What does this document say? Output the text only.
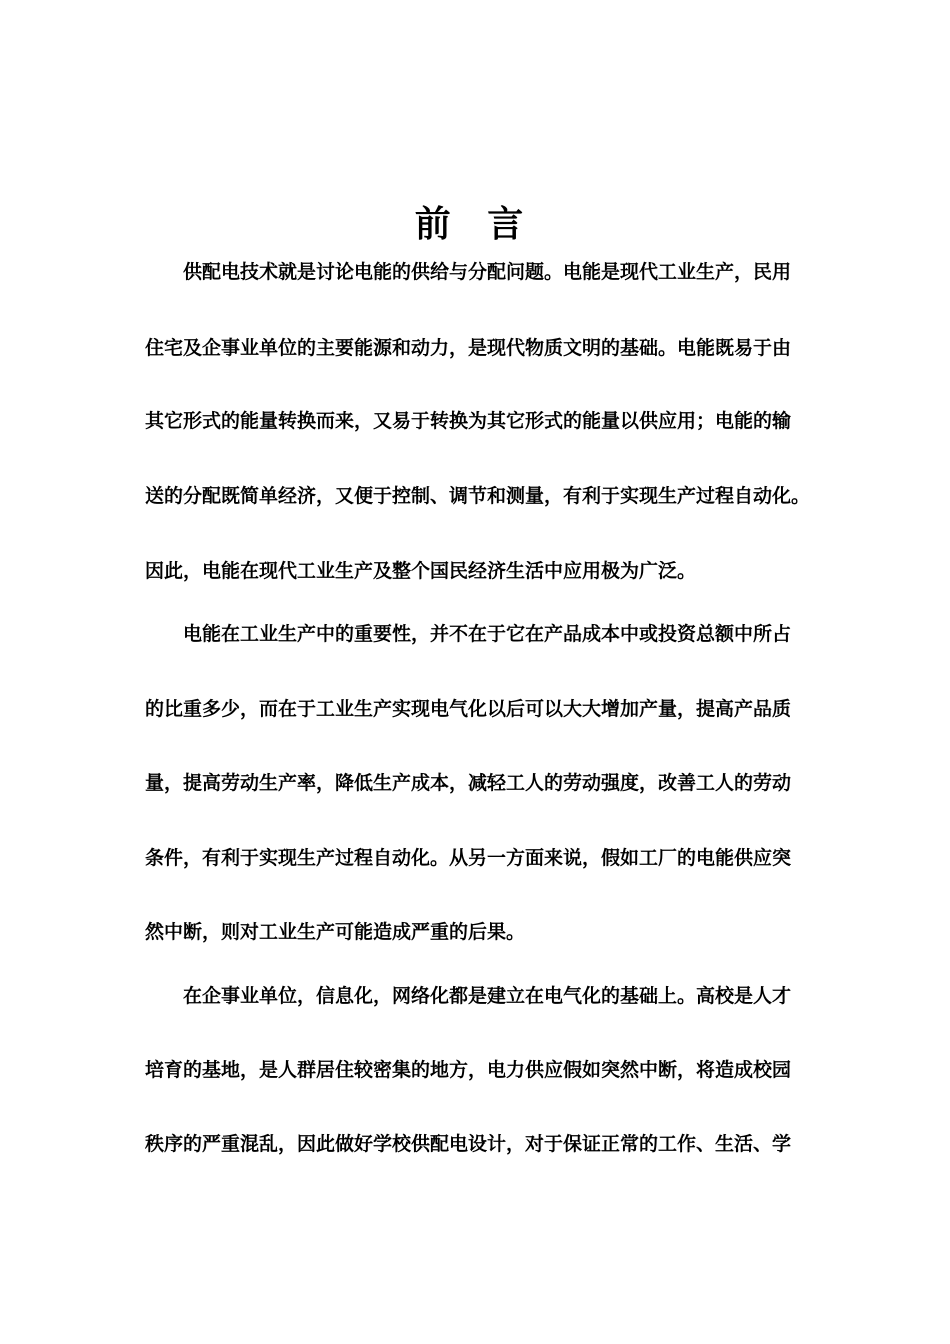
前 言
　　供配电技术就是讨论电能的供给与分配问题。电能是现代工业生产，民用
住宅及企事业单位的主要能源和动力，是现代物质文明的基础。电能既易于由
其它形式的能量转换而来，又易于转换为其它形式的能量以供应用；电能的输
送的分配既简单经济，又便于控制、调节和测量，有利于实现生产过程自动化。
因此，电能在现代工业生产及整个国民经济生活中应用极为广泛。
　　电能在工业生产中的重要性，并不在于它在产品成本中或投资总额中所占
的比重多少，而在于工业生产实现电气化以后可以大大增加产量，提高产品质
量，提高劳动生产率，降低生产成本，减轻工人的劳动强度，改善工人的劳动
条件，有利于实现生产过程自动化。从另一方面来说，假如工厂的电能供应突
然中断，则对工业生产可能造成严重的后果。
　　在企事业单位，信息化，网络化都是建立在电气化的基础上。高校是人才
培育的基地，是人群居住较密集的地方，电力供应假如突然中断，将造成校园
秩序的严重混乱，因此做好学校供配电设计，对于保证正常的工作、生活、学
